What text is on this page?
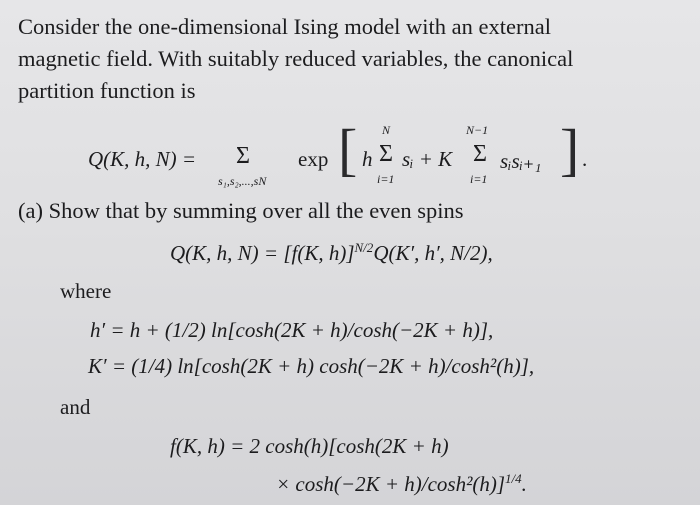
Consider the one-dimensional Ising model with an external
magnetic field. With suitably reduced variables, the canonical
partition function is
Q(K, h, N) = Σ
s₁,s₂,...,sN
exp [ h
N
Σ
i=1
sᵢ + K
N−1
Σ
i=1
sᵢsᵢ₊₁ ] .
(a) Show that by summing over all the even spins
Q(K, h, N) = [f(K, h)]$^{N/2}$Q(K′, h′, N/2),
where
h′ = h + (1/2) ln[cosh(2K + h)/cosh(−2K + h)],
K′ = (1/4) ln[cosh(2K + h) cosh(−2K + h)/cosh²(h)],
and
f(K, h) = 2 cosh(h)[cosh(2K + h)
× cosh(−2K + h)/cosh²(h)]$^{1/4}$.
